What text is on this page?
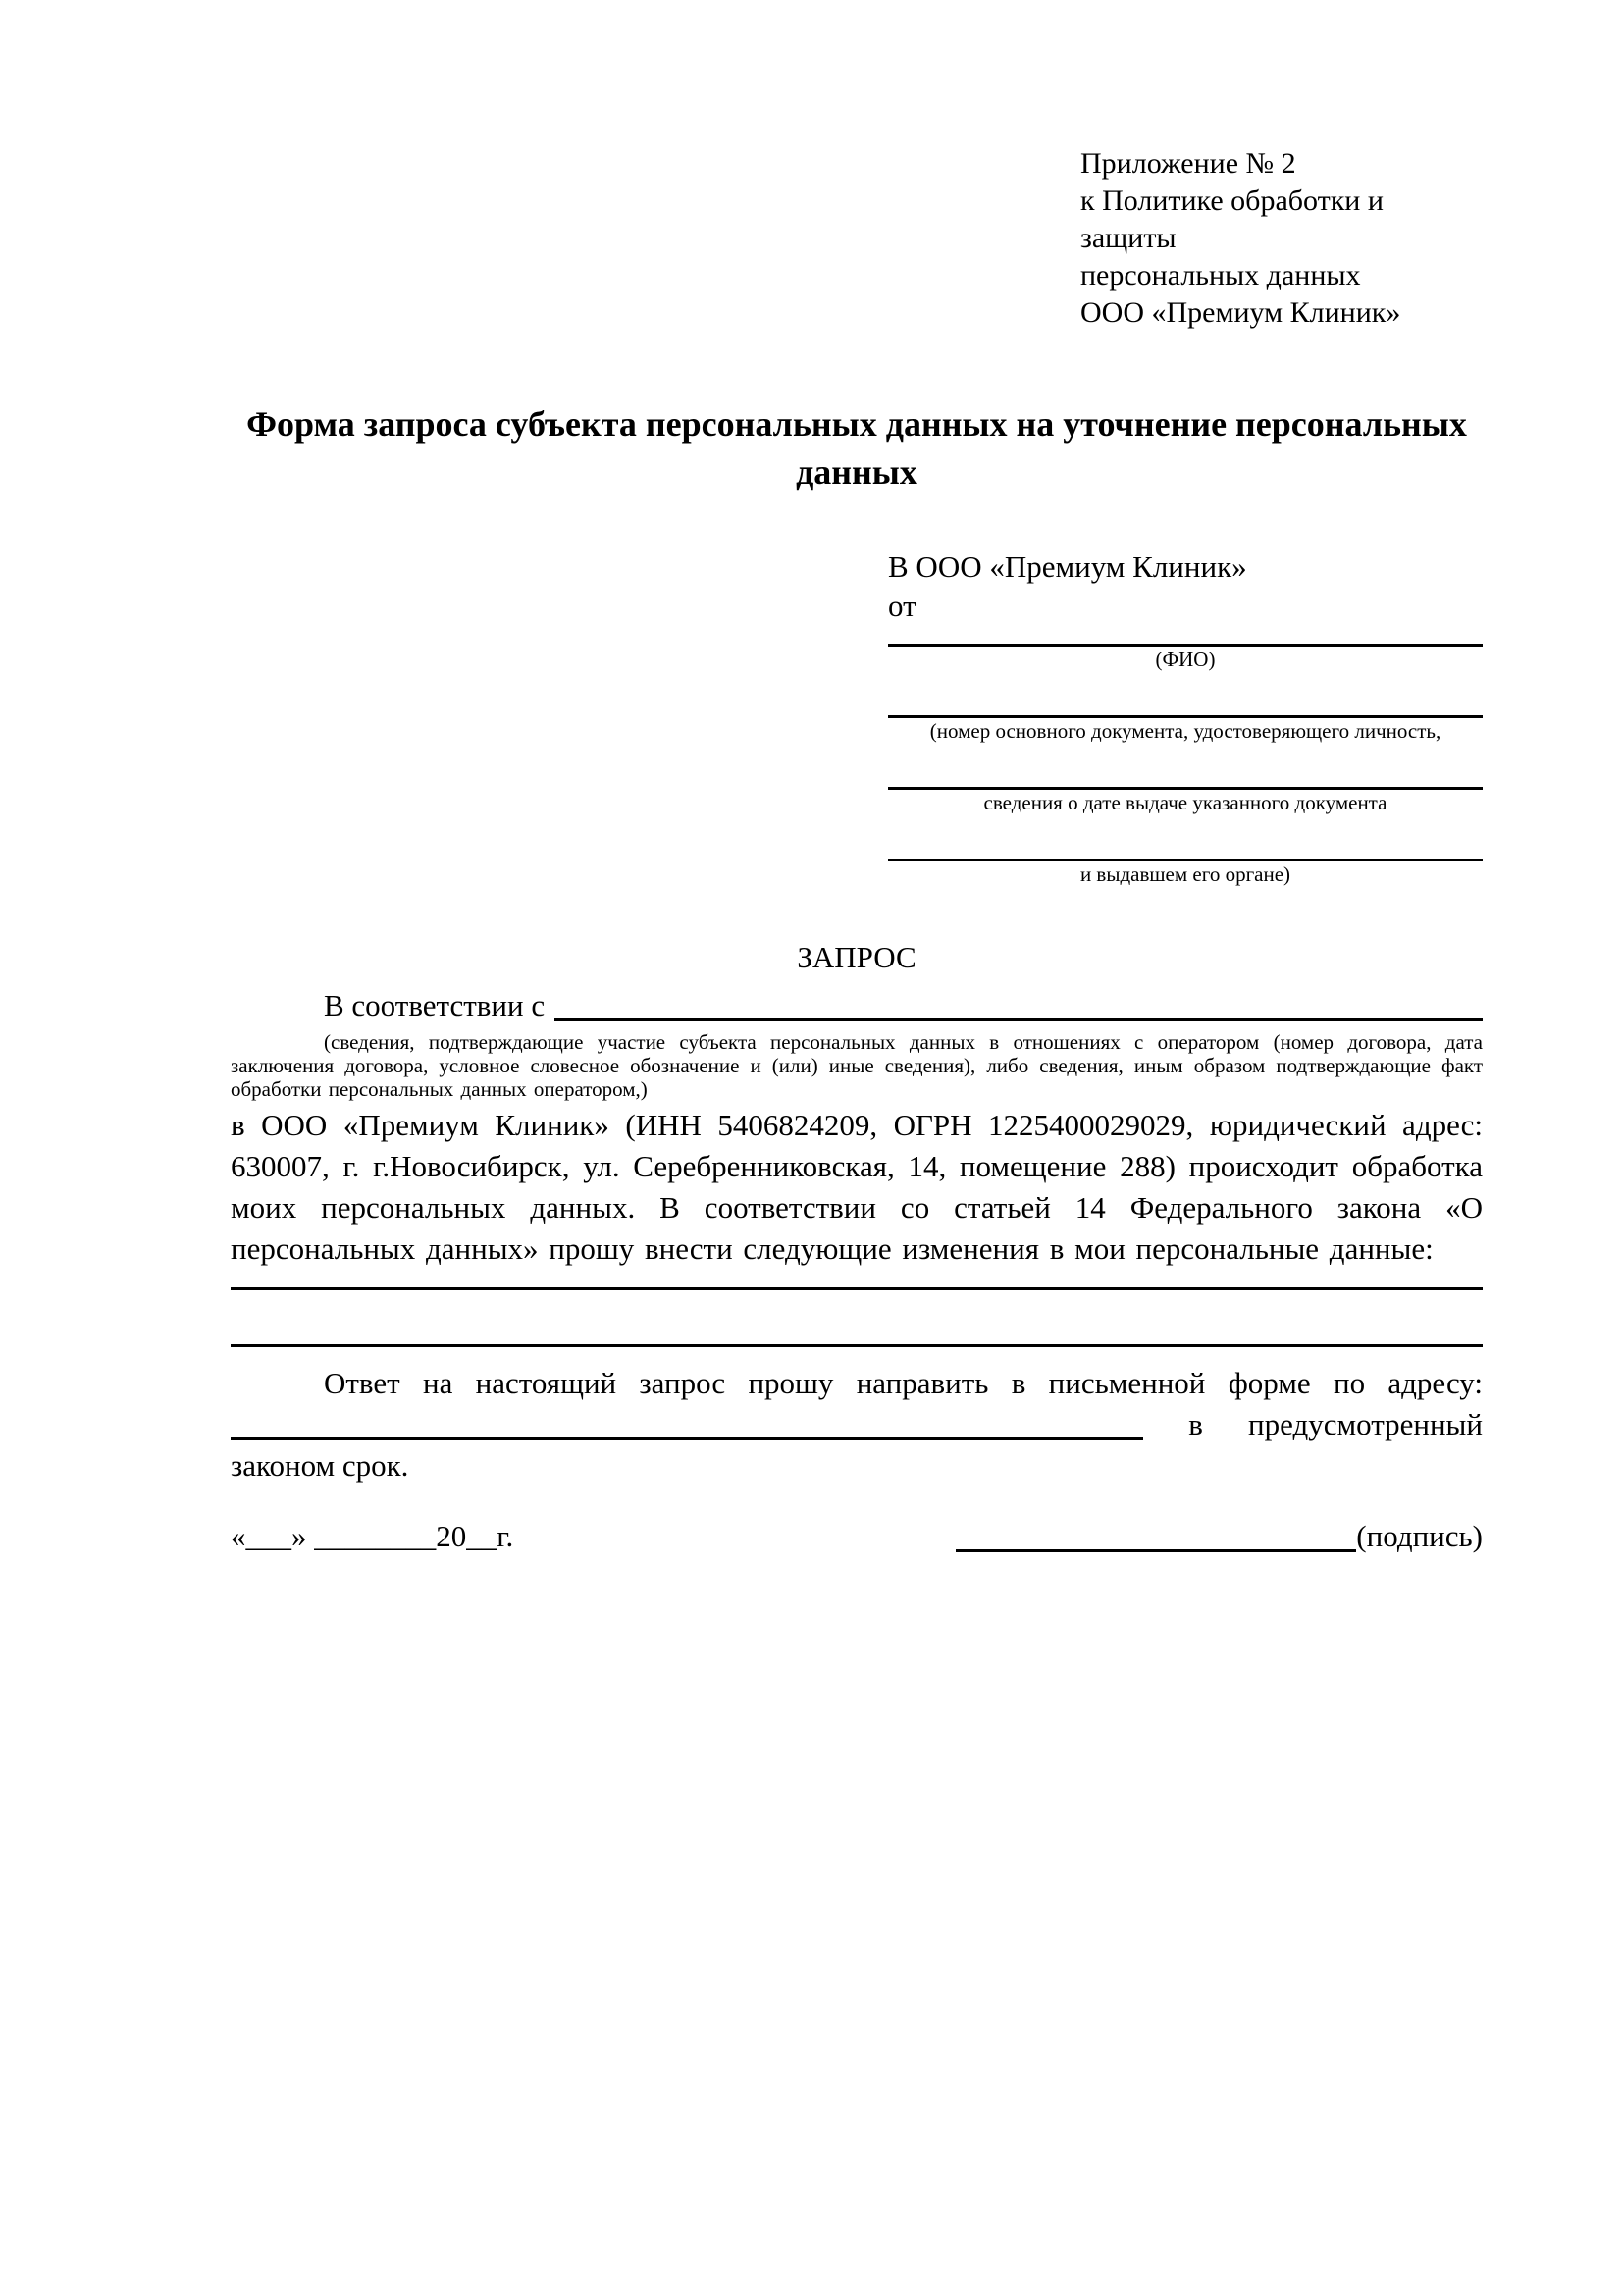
Приложение № 2
к Политике обработки и защиты
персональных данных
ООО «Премиум Клиник»
Форма запроса субъекта персональных данных на уточнение персональных данных

В ООО «Премиум Клиник»

от

(ФИО)
(номер основного документа, удостоверяющего личность,
сведения о дате выдаче указанного документа
и выдавшем его органе)
ЗАПРОС
В соответствии с
(сведения, подтверждающие участие субъекта персональных данных в отношениях с оператором (номер договора, дата заключения договора, условное словесное обозначение и (или) иные сведения), либо сведения, иным образом подтверждающие факт обработки персональных данных оператором,)
в ООО «Премиум Клиник» (ИНН 5406824209, ОГРН 1225400029029, юридический адрес: 630007, г. г.Новосибирск, ул. Серебренниковская, 14, помещение 288) происходит обработка моих персональных данных. В соответствии со статьей 14 Федерального закона «О персональных данных» прошу внести следующие изменения в мои персональные данные:
Ответ на настоящий запрос прошу направить в письменной форме по адресу:
в предусмотренный
законом срок.
«___» ________20__г.	(подпись)
